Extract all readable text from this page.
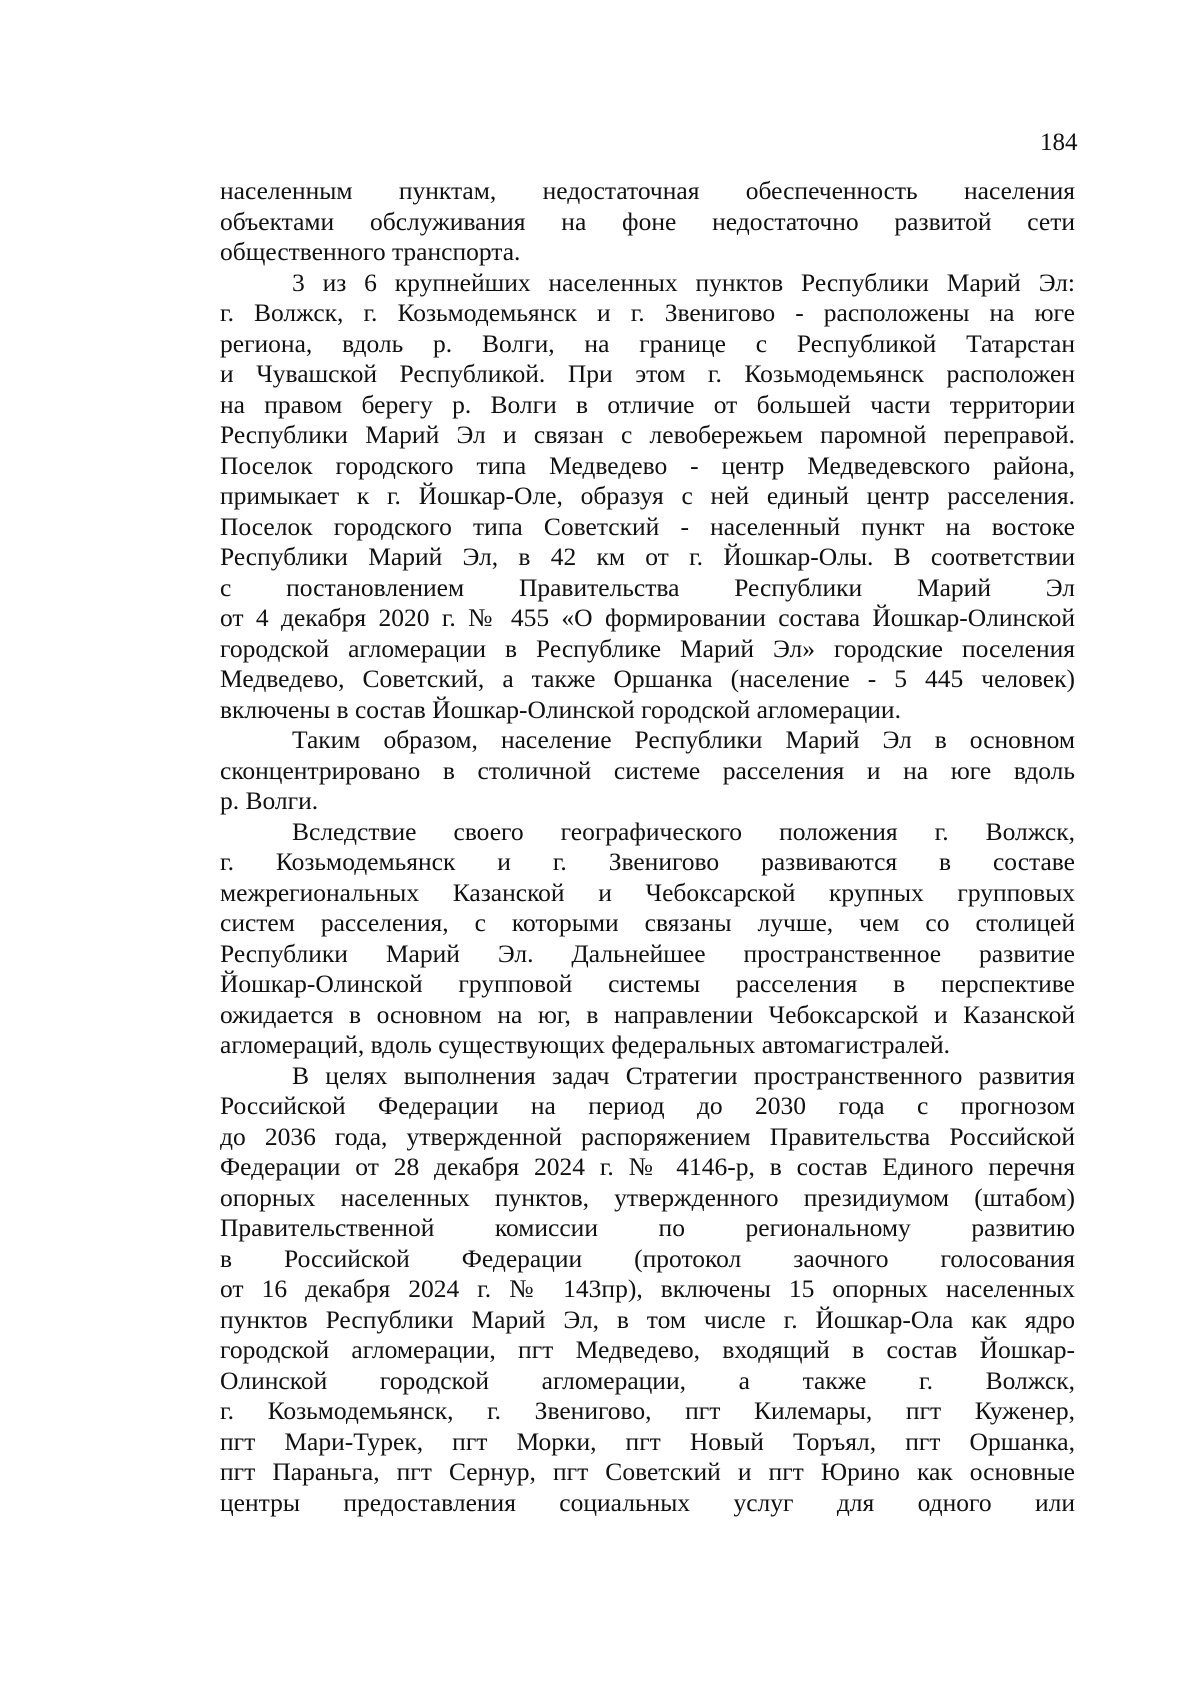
184
населенным пунктам, недостаточная обеспеченность населения
объектами обслуживания на фоне недостаточно развитой сети
общественного транспорта.
3 из 6 крупнейших населенных пунктов Республики Марий Эл:
г. Волжск, г. Козьмодемьянск и г. Звенигово - расположены на юге
региона, вдоль р. Волги, на границе с Республикой Татарстан
и Чувашской Республикой. При этом г. Козьмодемьянск расположен
на правом берегу р. Волги в отличие от большей части территории
Республики Марий Эл и связан с левобережьем паромной переправой.
Поселок городского типа Медведево - центр Медведевского района,
примыкает к г. Йошкар-Оле, образуя с ней единый центр расселения.
Поселок городского типа Советский - населенный пункт на востоке
Республики Марий Эл, в 42 км от г. Йошкар-Олы. В соответствии
с постановлением Правительства Республики Марий Эл
от 4 декабря 2020 г. № 455 «О формировании состава Йошкар-Олинской
городской агломерации в Республике Марий Эл» городские поселения
Медведево, Советский, а также Оршанка (население - 5 445 человек)
включены в состав Йошкар-Олинской городской агломерации.
Таким образом, население Республики Марий Эл в основном
сконцентрировано в столичной системе расселения и на юге вдоль
р. Волги.
Вследствие своего географического положения г. Волжск,
г. Козьмодемьянск и г. Звенигово развиваются в составе
межрегиональных Казанской и Чебоксарской крупных групповых
систем расселения, с которыми связаны лучше, чем со столицей
Республики Марий Эл. Дальнейшее пространственное развитие
Йошкар-Олинской групповой системы расселения в перспективе
ожидается в основном на юг, в направлении Чебоксарской и Казанской
агломераций, вдоль существующих федеральных автомагистралей.
В целях выполнения задач Стратегии пространственного развития
Российской Федерации на период до 2030 года с прогнозом
до 2036 года, утвержденной распоряжением Правительства Российской
Федерации от 28 декабря 2024 г. № 4146-р, в состав Единого перечня
опорных населенных пунктов, утвержденного президиумом (штабом)
Правительственной комиссии по региональному развитию
в Российской Федерации (протокол заочного голосования
от 16 декабря 2024 г. № 143пр), включены 15 опорных населенных
пунктов Республики Марий Эл, в том числе г. Йошкар-Ола как ядро
городской агломерации, пгт Медведево, входящий в состав Йошкар-
Олинской городской агломерации, а также г. Волжск,
г. Козьмодемьянск, г. Звенигово, пгт Килемары, пгт Куженер,
пгт Мари-Турек, пгт Морки, пгт Новый Торъял, пгт Оршанка,
пгт Параньга, пгт Сернур, пгт Советский и пгт Юрино как основные
центры предоставления социальных услуг для одного или
